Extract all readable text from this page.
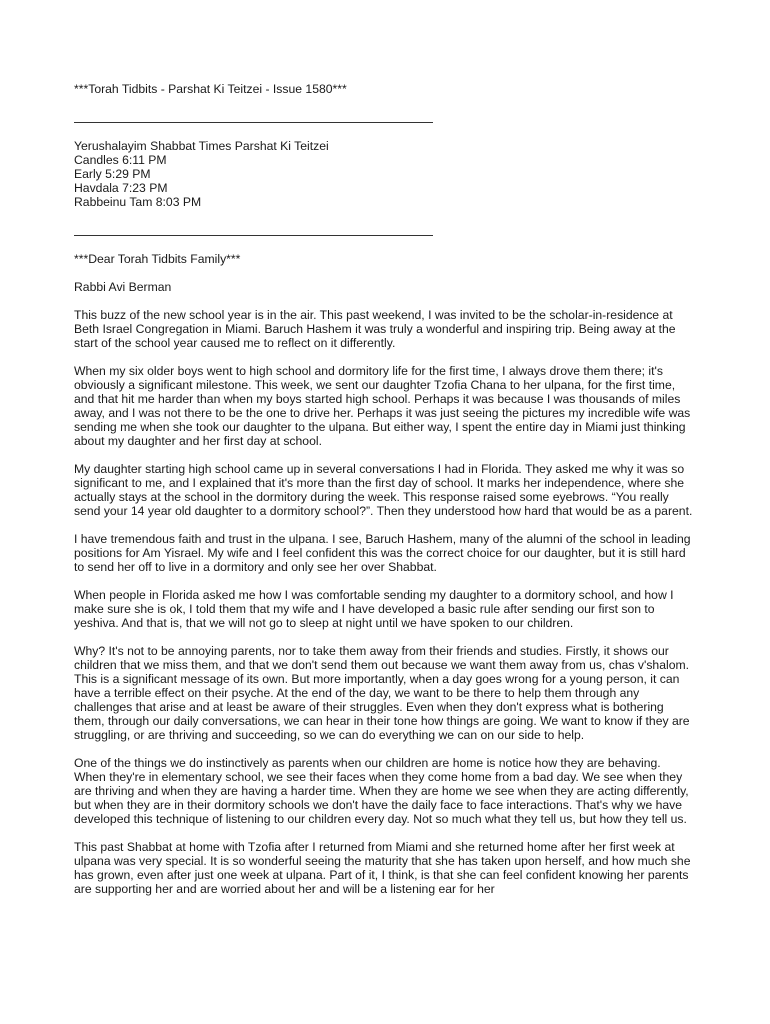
***Torah Tidbits - Parshat Ki Teitzei - Issue 1580***

Yerushalayim Shabbat Times Parshat Ki Teitzei
Candles 6:11 PM
Early 5:29 PM
Havdala 7:23 PM
Rabbeinu Tam 8:03 PM

***Dear Torah Tidbits Family***

Rabbi Avi Berman

This buzz of the new school year is in the air. This past weekend, I was invited to be the scholar-in-residence at Beth Israel Congregation in Miami. Baruch Hashem it was truly a wonderful and inspiring trip. Being away at the start of the school year caused me to reflect on it differently.

When my six older boys went to high school and dormitory life for the first time, I always drove them there; it's obviously a significant milestone. This week, we sent our daughter Tzofia Chana to her ulpana, for the first time, and that hit me harder than when my boys started high school. Perhaps it was because I was thousands of miles away, and I was not there to be the one to drive her. Perhaps it was just seeing the pictures my incredible wife was sending me when she took our daughter to the ulpana. But either way, I spent the entire day in Miami just thinking about my daughter and her first day at school.

My daughter starting high school came up in several conversations I had in Florida. They asked me why it was so significant to me, and I explained that it's more than the first day of school. It marks her independence, where she actually stays at the school in the dormitory during the week. This response raised some eyebrows. “You really send your 14 year old daughter to a dormitory school?”. Then they understood how hard that would be as a parent.

I have tremendous faith and trust in the ulpana. I see, Baruch Hashem, many of the alumni of the school in leading positions for Am Yisrael. My wife and I feel confident this was the correct choice for our daughter, but it is still hard to send her off to live in a dormitory and only see her over Shabbat.

When people in Florida asked me how I was comfortable sending my daughter to a dormitory school, and how I make sure she is ok, I told them that my wife and I have developed a basic rule after sending our first son to yeshiva. And that is, that we will not go to sleep at night until we have spoken to our children.

Why? It's not to be annoying parents, nor to take them away from their friends and studies. Firstly, it shows our children that we miss them, and that we don't send them out because we want them away from us, chas v'shalom. This is a significant message of its own. But more importantly, when a day goes wrong for a young person, it can have a terrible effect on their psyche. At the end of the day, we want to be there to help them through any challenges that arise and at least be aware of their struggles. Even when they don't express what is bothering them, through our daily conversations, we can hear in their tone how things are going. We want to know if they are struggling, or are thriving and succeeding, so we can do everything we can on our side to help.

One of the things we do instinctively as parents when our children are home is notice how they are behaving. When they're in elementary school, we see their faces when they come home from a bad day. We see when they are thriving and when they are having a harder time. When they are home we see when they are acting differently, but when they are in their dormitory schools we don't have the daily face to face interactions. That's why we have developed this technique of listening to our children every day. Not so much what they tell us, but how they tell us.

This past Shabbat at home with Tzofia after I returned from Miami and she returned home after her first week at ulpana was very special. It is so wonderful seeing the maturity that she has taken upon herself, and how much she has grown, even after just one week at ulpana. Part of it, I think, is that she can feel confident knowing her parents are supporting her and are worried about her and will be a listening ear for her
